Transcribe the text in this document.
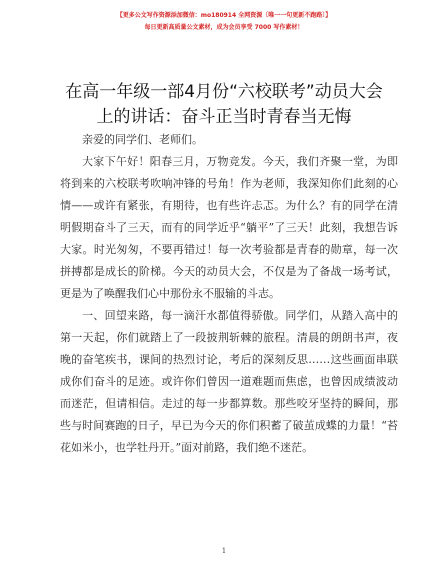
【更多公文写作资源添加微信：mo180914 全网资源〔唯一一句更新不跑路〕】
每日更新高质量公文素材，成为会员享受 7000 写作素材！
在高一年级一部4月份“六校联考”动员大会
上的讲话：奋斗正当时青春当无悔

亲爱的同学们、老师们。

大家下午好！阳春三月，万物竞发。今天，我们齐聚一堂，为即将到来的六校联考吹响冲锋的号角！作为老师，我深知你们此刻的心情——或许有紧张，有期待，也有些许忐忑。为什么？有的同学在清明假期奋斗了三天，而有的同学近乎“躺平”了三天！此刻，我想告诉大家。时光匆匆，不要再错过！每一次考验都是青春的勋章，每一次拼搏都是成长的阶梯。今天的动员大会，不仅是为了备战一场考试，更是为了唤醒我们心中那份永不服输的斗志。

一、回望来路，每一滴汗水都值得骄傲。同学们，从踏入高中的第一天起，你们就踏上了一段披荆斩棘的旅程。清晨的朗朗书声，夜晚的奋笔疾书，课间的热烈讨论，考后的深刻反思……这些画面串联成你们奋斗的足迹。或许你们曾因一道难题而焦虑，也曾因成绩波动而迷茫，但请相信。走过的每一步都算数。那些咬牙坚持的瞬间，那些与时间赛跑的日子，早已为今天的你们积蓄了破茧成蝶的力量！“苔花如米小，也学牡丹开。”面对前路，我们绝不迷茫。

1
